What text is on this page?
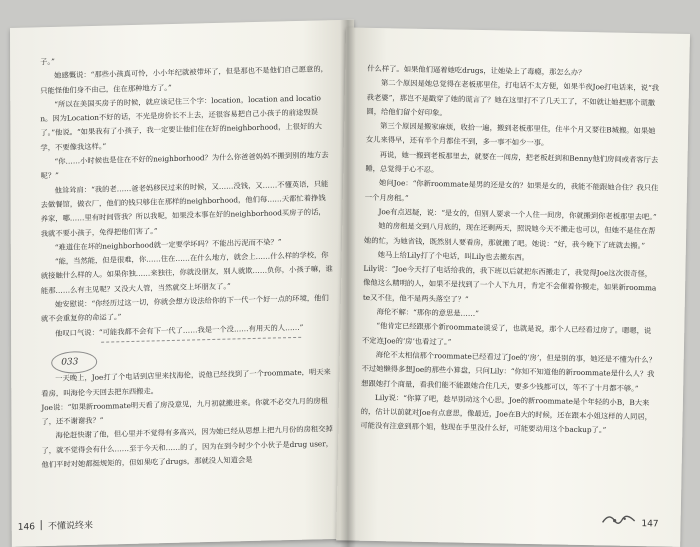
子。”

她感慨说：“那些小孩真可怜，小小年纪就被带坏了，但是那也不是他们自己愿意的，只能怪他们身不由己，住在那种地方了。”

“所以在美国买房子的时候，就应该记住三个字：location，location and location。因为Location不好的话，不光是房价长不上去，还很容易把自己小孩子的前途毁误了。”他说。“如果我有了小孩子，我一定要让他们住在好的neighborhood，上很好的大学，不要像我这样。”

“你……小时候也是住在不好的neighborhood？为什么你爸爸妈妈不搬到别的地方去呢？”

他耸耸肩：“我的老……爸老妈移民过来的时候，又……没钱，又……不懂英语，只能去做餐馆，做衣厂，他们的钱只够住在那样的neighborhood，他们每……天都忙着挣钱养家，哪……里有时间管我？所以我呢，如果没本事在好的neighborhood买房子的话，我就不要小孩子，免得把他们害了。”

“难道住在坏的neighborhood就一定要学坏吗？不能出污泥而不染？”

“能，当然能，但是很难，你……住在……在什么地方，就会上……什么样的学校，你就接触什么样的人。如果你独……来独往，你就没朋友，别人就欺……负你，小孩子嘛，谁能那……么有主见呢？又没大人管，当然就交上坏朋友了。”

她安慰说：“你经历过这一切，你就会想方设法给你的下一代一个好一点的环境，他们就不会重复你的命运了。”

他叹口气说：“可能我都不会有下一代了……我是一个没……有用天的人……”

033

一天晚上，Joe打了个电话到店里来找海伦，说他已经找到了一个roommate，明天来看房，叫海伦今天回去把东西搬走。

Joe说：“如果新roommate明天看了房没意见，九月初就搬进来。你就不必交九月的房租了，还不谢谢我？”

海伦赶快谢了他，但心里并不觉得有多高兴，因为她已经从思想上把九月份的房租交掉了，就不觉得会有什么……至于今天和……的了，因为在到今时少个小伙子是drug user，他们平时对她都挺规矩的，但如果吃了drugs，那就没人知道会是

146 不懂说终来

什么样了。如果他们逼着她吃drugs，让她染上了毒瘾，那怎么办？

第二个原因是她总觉得在老板那里住，打电话不太方便，如果半夜Joe打电话来，说“我我老婆”，那岂不是戳穿了她的谎言了？她在这里打不了几天工了，不如就让她把那个谎撒圆，给他们留个好印象。

第三个原因是搬家麻烦，收拾一遍，搬到老板那里住，住半个月又要往B城搬。如果她女儿来得早，还有半个月都住不到，多一事不如少一事。

再说，她一搬到老板那里去，就要在一间房，把老板赶到和Benny他们房间或者客厅去睡，总觉得于心不忍。

她问Joe：“你新roommate是男的还是女的？如果是女的，我能不能跟她合住？我只住一个月房租。”

Joe有点迟疑，说：“是女的，但别人要求一个人住一间房，你就搬到你老板那里去吧。”

她的房租是交到八月底的，现在还剩两天，照说她今天不搬走也可以，但她不是住在帮她的忙，为她省钱，既然别人要看房，那就搬了吧。她说：“好，我今晚下了班就去搬。”

她马上给Lily打了个电话，叫Lily也去搬东西。

Lily说：“Joe今天打了电话给我的，我下班以后就把东西搬走了，我觉得Joe这次很奇怪，像他这么精明的人，如果不是找到了一个人下九月，肯定不会催着你搬走，如果新roommate又不住，他不是两头落空了？”

海伦不解：“那你的意思是……”

“他肯定已经跟那个新roommate谈妥了，也就是说，那个人已经看过房了。嗯嗯，说不定连Joe的‘房’也看过了。”

海伦不太相信那个roommate已经看过了Joe的‘房’，但是别的事，她还是不懂为什么？不过她懒得多想Joe的那些小算盘，只问Lily：“你知不知道他的新roommate是什么人？我想跟她打个商量，看我们能不能跟她合住几天，要多少钱都可以，等不了十月都不够。”

Lily说：“你算了吧，趁早别动这个心思，Joe的新roommate是个年轻的小B，B大来的，估计以前就对Joe有点意思，像最近，Joe在B大的时候，还在跟本小姐这样的人同居，可能没有注意到那个姐，他现在手里没什么好，可能要动用这个backup了。”

147
